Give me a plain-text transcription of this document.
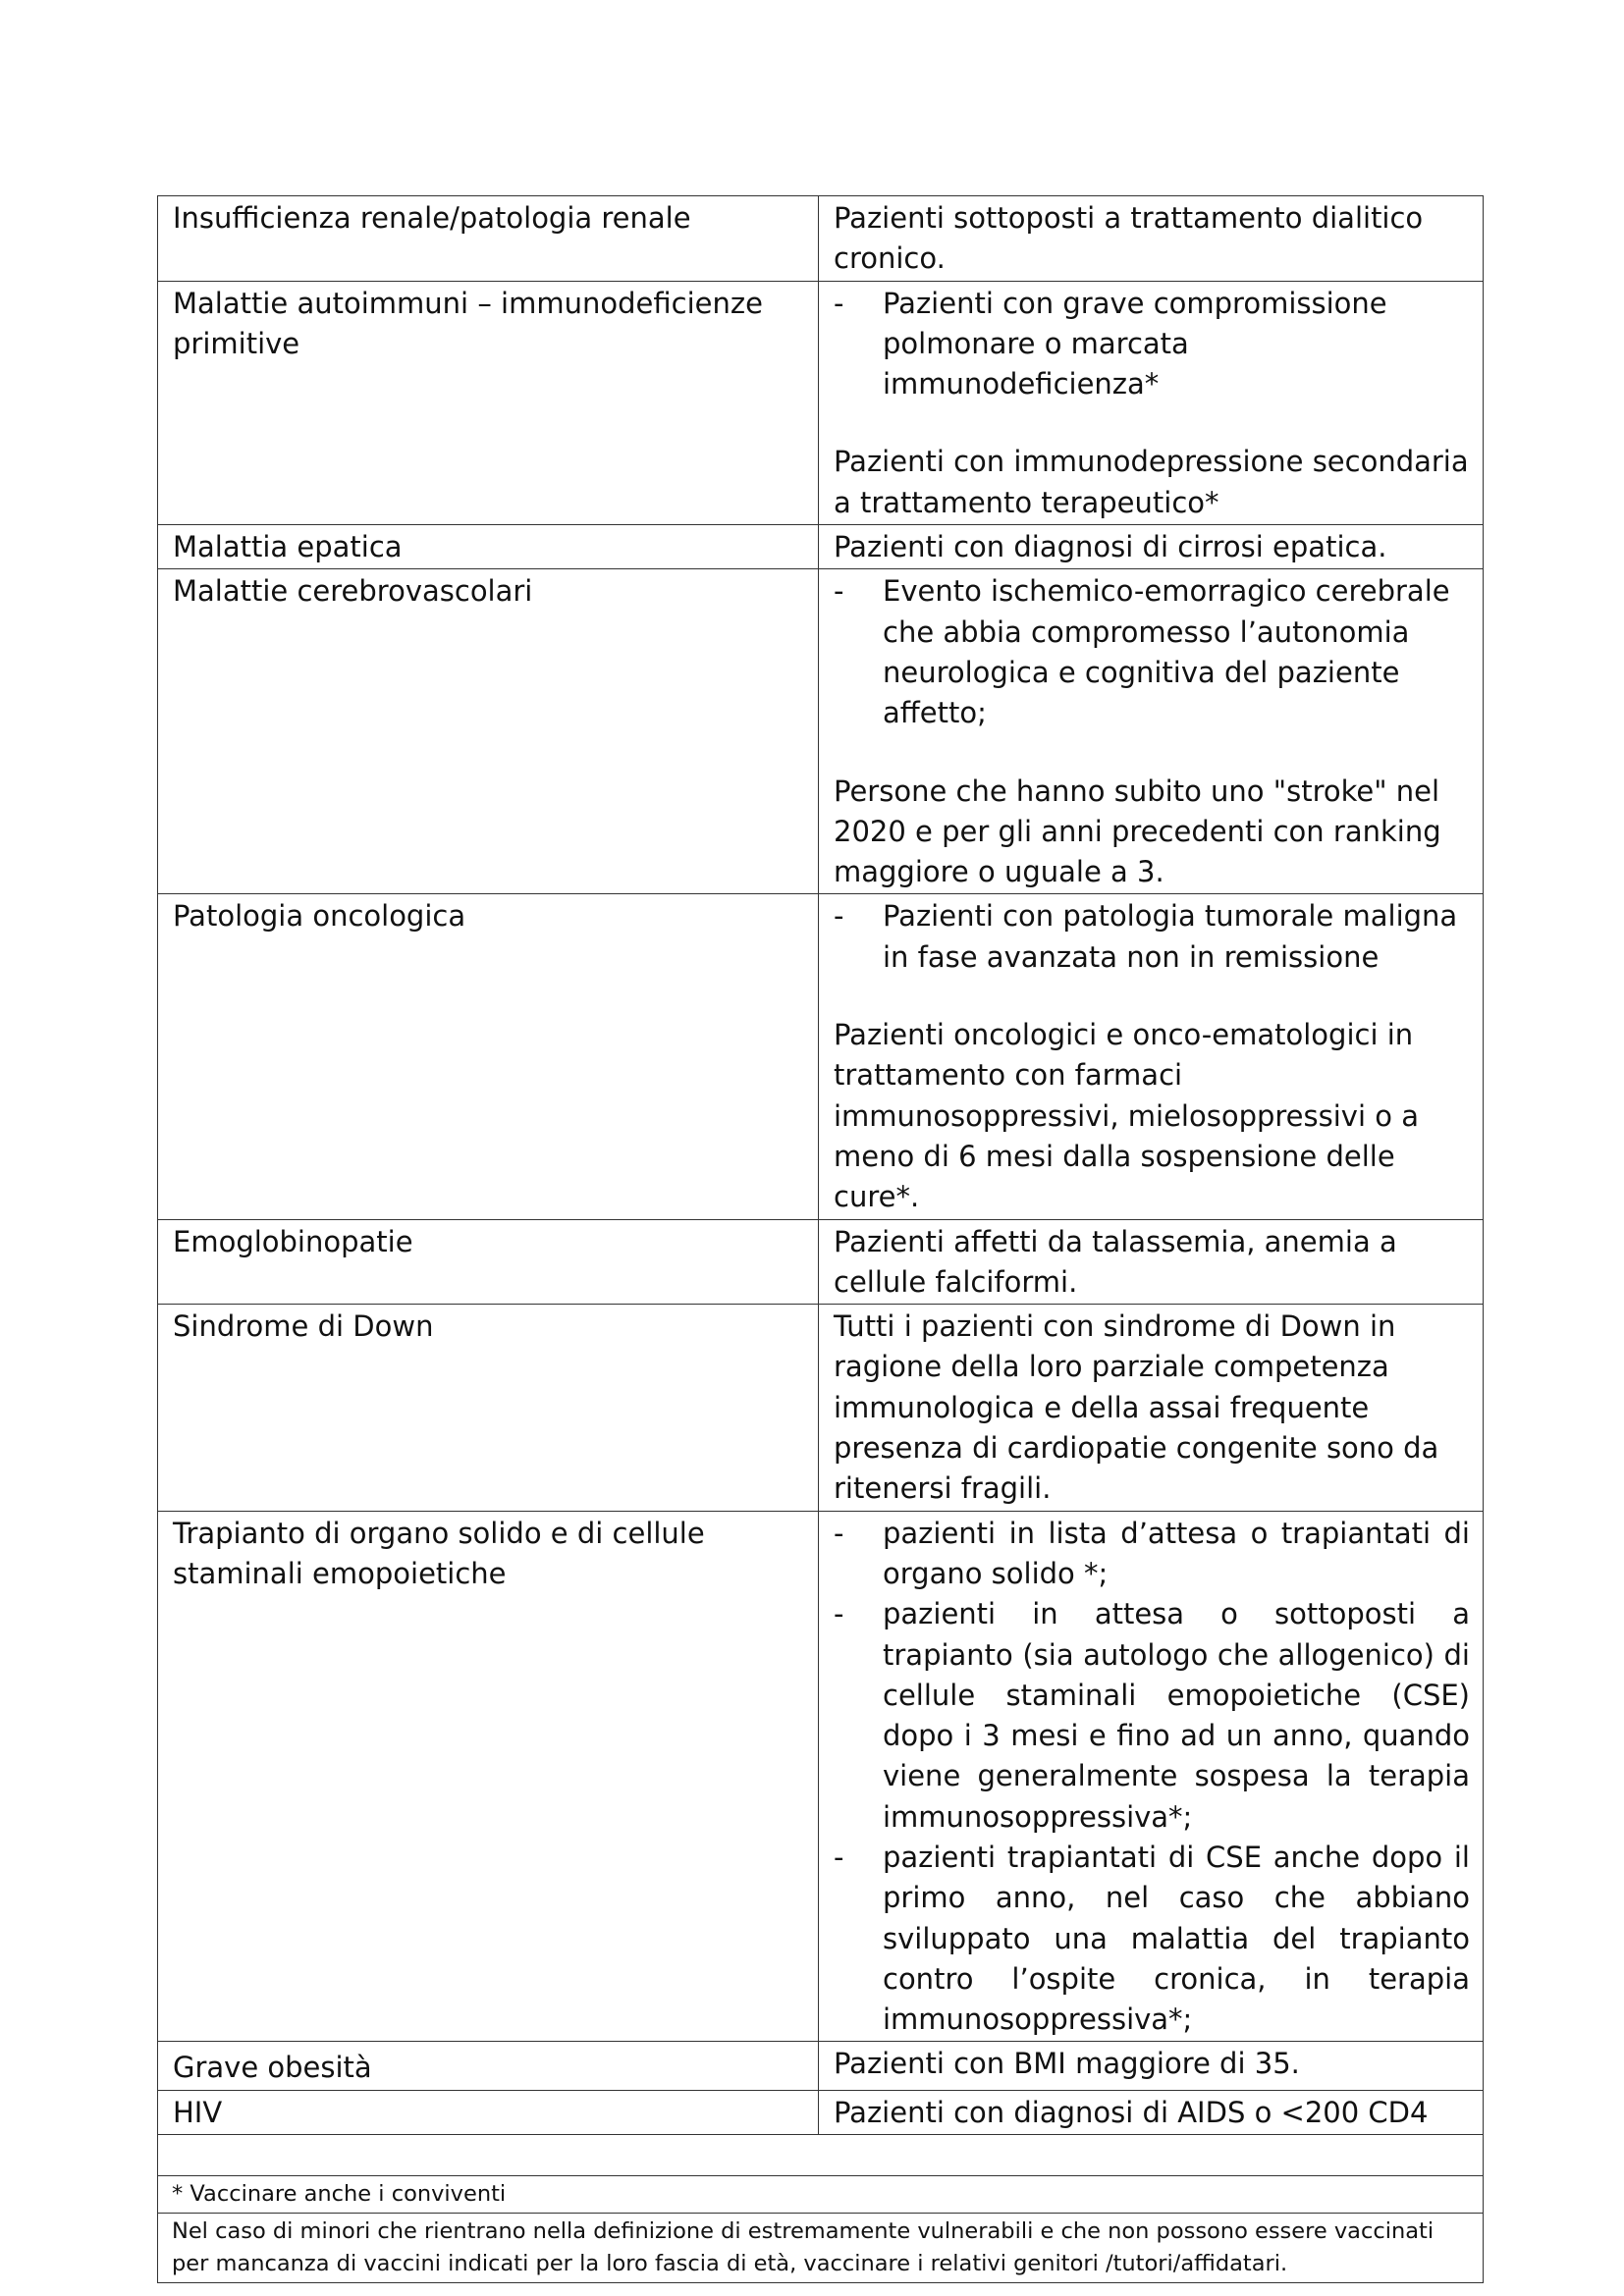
Insufficienza renale/patologia renale	Pazienti sottoposti a trattamento dialitico cronico.
Malattie autoimmuni – immunodeficienze primitive	- Pazienti con grave compromissione polmonare o marcata immunodeficienza*
Pazienti con immunodepressione secondaria a trattamento terapeutico*

Malattia epatica	Pazienti con diagnosi di cirrosi epatica.
Malattie cerebrovascolari	- Evento ischemico-emorragico cerebrale che abbia compromesso l’autonomia neurologica e cognitiva del paziente affetto;
Persone che hanno subito uno "stroke" nel 2020 e per gli anni precedenti con ranking maggiore o uguale a 3.

Patologia oncologica	- Pazienti con patologia tumorale maligna in fase avanzata non in remissione
Pazienti oncologici e onco-ematologici in trattamento con farmaci immunosoppressivi, mielosoppressivi o a meno di 6 mesi dalla sospensione delle cure*.

Emoglobinopatie	Pazienti affetti da talassemia, anemia a cellule falciformi.
Sindrome di Down	Tutti i pazienti con sindrome di Down in ragione della loro parziale competenza immunologica e della assai frequente presenza di cardiopatie congenite sono da ritenersi fragili.
Trapianto di organo solido e di cellule staminali emopoietiche	- pazienti in lista d’attesa o trapiantati di organo solido *;
- pazienti in attesa o sottoposti a trapianto (sia autologo che allogenico) di cellule staminali emopoietiche (CSE) dopo i 3 mesi e fino ad un anno, quando viene generalmente sospesa la terapia immunosoppressiva*;
- pazienti trapiantati di CSE anche dopo il primo anno, nel caso che abbiano sviluppato una malattia del trapianto contro l’ospite cronica, in terapia immunosoppressiva*;

Grave obesità	Pazienti con BMI maggiore di 35.
HIV	Pazienti con diagnosi di AIDS o <200 CD4

* Vaccinare anche i conviventi	
Nel caso di minori che rientrano nella definizione di estremamente vulnerabili e che non possono essere vaccinati per mancanza di vaccini indicati per la loro fascia di età, vaccinare i relativi genitori /tutori/affidatari.	
